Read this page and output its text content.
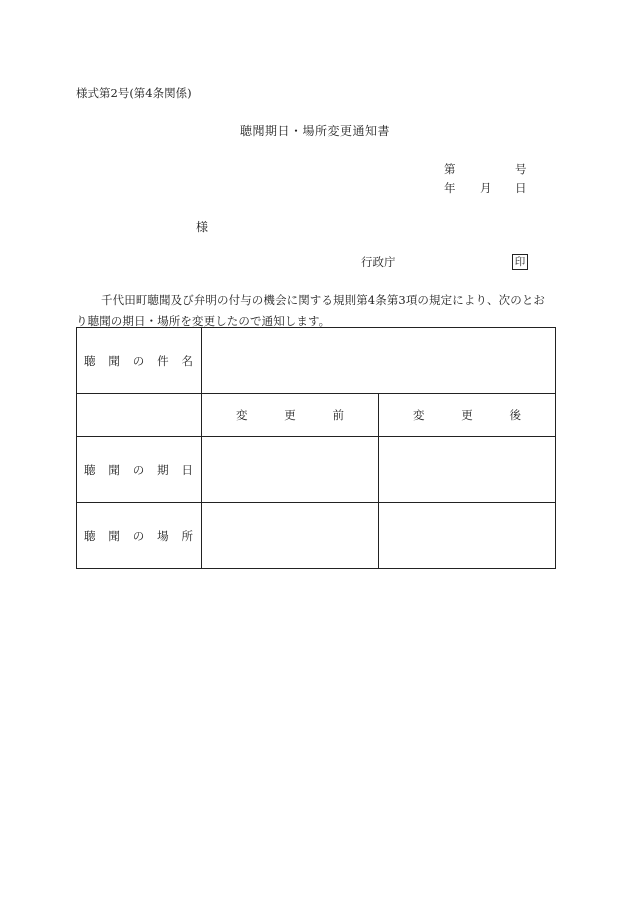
様式第2号(第4条関係)
聴聞期日・場所変更通知書
第	号
年 月 日
様
行政庁	印
千代田町聴聞及び弁明の付与の機会に関する規則第4条第3項の規定により、次のとおり聴聞の期日・場所を変更したので通知します。
聴 聞 の 件 名		

	変 更 前	変 更 後

聴 聞 の 期 日		

聴 聞 の 場 所		
